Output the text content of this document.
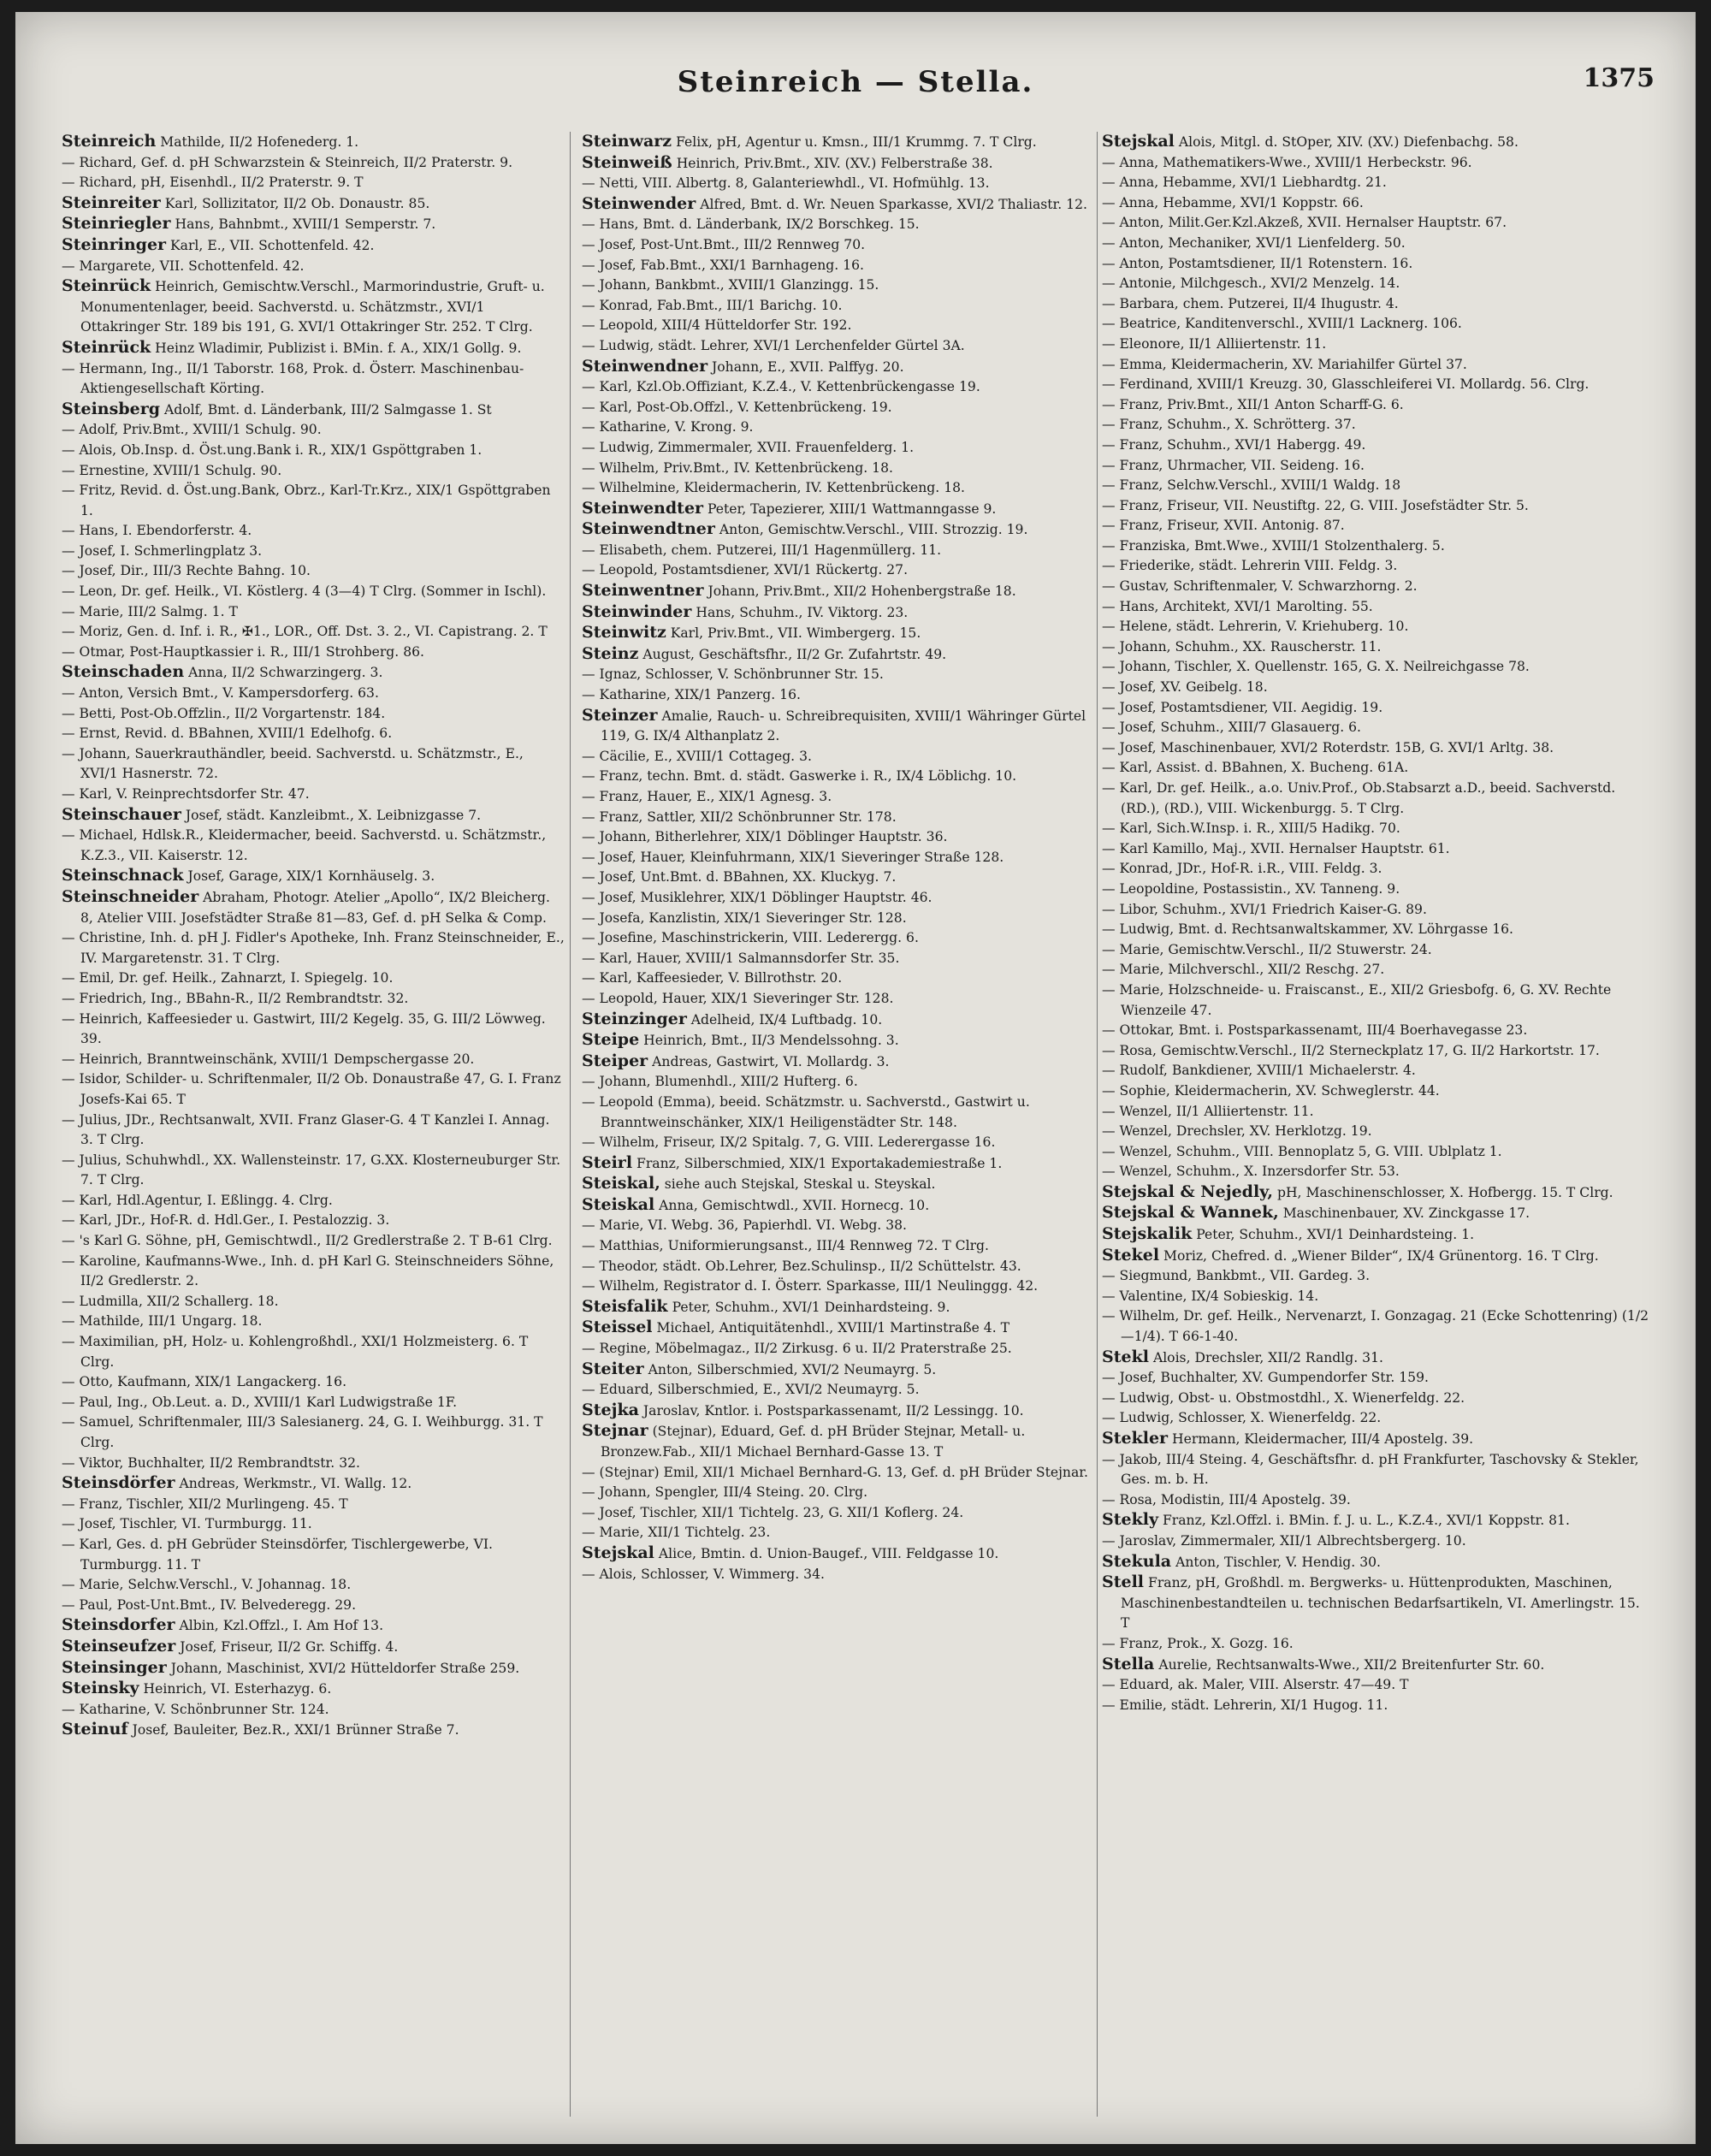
Steinreich — Stella.	1375

Steinreich Mathilde, II/2 Hofenederg. 1.

— Richard, Gef. d. pH Schwarzstein & Steinreich, II/2 Praterstr. 9.

— Richard, pH, Eisenhdl., II/2 Praterstr. 9. T

Steinreiter Karl, Sollizitator, II/2 Ob. Donaustr. 85.

Steinriegler Hans, Bahnbmt., XVIII/1 Semperstr. 7.

Steinringer Karl, E., VII. Schottenfeld. 42.

— Margarete, VII. Schottenfeld. 42.

Steinrück Heinrich, Gemischtw.Verschl., Marmorindustrie, Gruft- u. Monumentenlager, beeid. Sachverstd. u. Schätzmstr., XVI/1 Ottakringer Str. 189 bis 191, G. XVI/1 Ottakringer Str. 252. T Clrg.

Steinrück Heinz Wladimir, Publizist i. BMin. f. A., XIX/1 Gollg. 9.

— Hermann, Ing., II/1 Taborstr. 168, Prok. d. Österr. Maschinenbau-Aktiengesellschaft Körting.

Steinsberg Adolf, Bmt. d. Länderbank, III/2 Salmgasse 1. St

— Adolf, Priv.Bmt., XVIII/1 Schulg. 90.

— Alois, Ob.Insp. d. Öst.ung.Bank i. R., XIX/1 Gspöttgraben 1.

— Ernestine, XVIII/1 Schulg. 90.

— Fritz, Revid. d. Öst.ung.Bank, Obrz., Karl-Tr.Krz., XIX/1 Gspöttgraben 1.

— Hans, I. Ebendorferstr. 4.

— Josef, I. Schmerlingplatz 3.

— Josef, Dir., III/3 Rechte Bahng. 10.

— Leon, Dr. gef. Heilk., VI. Köstlerg. 4 (3—4) T Clrg. (Sommer in Ischl).

— Marie, III/2 Salmg. 1. T

— Moriz, Gen. d. Inf. i. R., ✠1., LOR., Off. Dst. 3. 2., VI. Capistrang. 2. T

— Otmar, Post-Hauptkassier i. R., III/1 Strohberg. 86.

Steinschaden Anna, II/2 Schwarzingerg. 3.

— Anton, Versich Bmt., V. Kampersdorferg. 63.

— Betti, Post-Ob.Offzlin., II/2 Vorgartenstr. 184.

— Ernst, Revid. d. BBahnen, XVIII/1 Edelhofg. 6.

— Johann, Sauerkrauthändler, beeid. Sachverstd. u. Schätzmstr., E., XVI/1 Hasnerstr. 72.

— Karl, V. Reinprechtsdorfer Str. 47.

Steinschauer Josef, städt. Kanzleibmt., X. Leibnizgasse 7.

— Michael, Hdlsk.R., Kleidermacher, beeid. Sachverstd. u. Schätzmstr., K.Z.3., VII. Kaiserstr. 12.

Steinschnack Josef, Garage, XIX/1 Kornhäuselg. 3.

Steinschneider Abraham, Photogr. Atelier „Apollo“, IX/2 Bleicherg. 8, Atelier VIII. Josefstädter Straße 81—83, Gef. d. pH Selka & Comp.

— Christine, Inh. d. pH J. Fidler's Apotheke, Inh. Franz Steinschneider, E., IV. Margaretenstr. 31. T Clrg.

— Emil, Dr. gef. Heilk., Zahnarzt, I. Spiegelg. 10.

— Friedrich, Ing., BBahn-R., II/2 Rembrandtstr. 32.

— Heinrich, Kaffeesieder u. Gastwirt, III/2 Kegelg. 35, G. III/2 Löwweg. 39.

— Heinrich, Branntweinschänk, XVIII/1 Dempschergasse 20.

— Isidor, Schilder- u. Schriftenmaler, II/2 Ob. Donaustraße 47, G. I. Franz Josefs-Kai 65. T

— Julius, JDr., Rechtsanwalt, XVII. Franz Glaser-G. 4 T Kanzlei I. Annag. 3. T Clrg.

— Julius, Schuhwhdl., XX. Wallensteinstr. 17, G.XX. Klosterneuburger Str. 7. T Clrg.

— Karl, Hdl.Agentur, I. Eßlingg. 4. Clrg.

— Karl, JDr., Hof-R. d. Hdl.Ger., I. Pestalozzig. 3.

— 's Karl G. Söhne, pH, Gemischtwdl., II/2 Gredlerstraße 2. T B-61 Clrg.

— Karoline, Kaufmanns-Wwe., Inh. d. pH Karl G. Steinschneiders Söhne, II/2 Gredlerstr. 2.

— Ludmilla, XII/2 Schallerg. 18.

— Mathilde, III/1 Ungarg. 18.

— Maximilian, pH, Holz- u. Kohlengroßhdl., XXI/1 Holzmeisterg. 6. T Clrg.

— Otto, Kaufmann, XIX/1 Langackerg. 16.

— Paul, Ing., Ob.Leut. a. D., XVIII/1 Karl Ludwigstraße 1F.

— Samuel, Schriftenmaler, III/3 Salesianerg. 24, G. I. Weihburgg. 31. T Clrg.

— Viktor, Buchhalter, II/2 Rembrandtstr. 32.

Steinsdörfer Andreas, Werkmstr., VI. Wallg. 12.

— Franz, Tischler, XII/2 Murlingeng. 45. T

— Josef, Tischler, VI. Turmburgg. 11.

— Karl, Ges. d. pH Gebrüder Steinsdörfer, Tischlergewerbe, VI. Turmburgg. 11. T

— Marie, Selchw.Verschl., V. Johannag. 18.

— Paul, Post-Unt.Bmt., IV. Belvederegg. 29.

Steinsdorfer Albin, Kzl.Offzl., I. Am Hof 13.

Steinseufzer Josef, Friseur, II/2 Gr. Schiffg. 4.

Steinsinger Johann, Maschinist, XVI/2 Hütteldorfer Straße 259.

Steinsky Heinrich, VI. Esterhazyg. 6.

— Katharine, V. Schönbrunner Str. 124.

Steinuf Josef, Bauleiter, Bez.R., XXI/1 Brünner Straße 7.

Steinwarz Felix, pH, Agentur u. Kmsn., III/1 Krummg. 7. T Clrg.

Steinweiß Heinrich, Priv.Bmt., XIV. (XV.) Felberstraße 38.

— Netti, VIII. Albertg. 8, Galanteriewhdl., VI. Hofmühlg. 13.

Steinwender Alfred, Bmt. d. Wr. Neuen Sparkasse, XVI/2 Thaliastr. 12.

— Hans, Bmt. d. Länderbank, IX/2 Borschkeg. 15.

— Josef, Post-Unt.Bmt., III/2 Rennweg 70.

— Josef, Fab.Bmt., XXI/1 Barnhageng. 16.

— Johann, Bankbmt., XVIII/1 Glanzingg. 15.

— Konrad, Fab.Bmt., III/1 Barichg. 10.

— Leopold, XIII/4 Hütteldorfer Str. 192.

— Ludwig, städt. Lehrer, XVI/1 Lerchenfelder Gürtel 3A.

Steinwendner Johann, E., XVII. Palffyg. 20.

— Karl, Kzl.Ob.Offiziant, K.Z.4., V. Kettenbrückengasse 19.

— Karl, Post-Ob.Offzl., V. Kettenbrückeng. 19.

— Katharine, V. Krong. 9.

— Ludwig, Zimmermaler, XVII. Frauenfelderg. 1.

— Wilhelm, Priv.Bmt., IV. Kettenbrückeng. 18.

— Wilhelmine, Kleidermacherin, IV. Kettenbrückeng. 18.

Steinwendter Peter, Tapezierer, XIII/1 Wattmanngasse 9.

Steinwendtner Anton, Gemischtw.Verschl., VIII. Strozzig. 19.

— Elisabeth, chem. Putzerei, III/1 Hagenmüllerg. 11.

— Leopold, Postamtsdiener, XVI/1 Rückertg. 27.

Steinwentner Johann, Priv.Bmt., XII/2 Hohenbergstraße 18.

Steinwinder Hans, Schuhm., IV. Viktorg. 23.

Steinwitz Karl, Priv.Bmt., VII. Wimbergerg. 15.

Steinz August, Geschäftsfhr., II/2 Gr. Zufahrtstr. 49.

— Ignaz, Schlosser, V. Schönbrunner Str. 15.

— Katharine, XIX/1 Panzerg. 16.

Steinzer Amalie, Rauch- u. Schreibrequisiten, XVIII/1 Währinger Gürtel 119, G. IX/4 Althanplatz 2.

— Cäcilie, E., XVIII/1 Cottageg. 3.

— Franz, techn. Bmt. d. städt. Gaswerke i. R., IX/4 Löblichg. 10.

— Franz, Hauer, E., XIX/1 Agnesg. 3.

— Franz, Sattler, XII/2 Schönbrunner Str. 178.

— Johann, Bitherlehrer, XIX/1 Döblinger Hauptstr. 36.

— Josef, Hauer, Kleinfuhrmann, XIX/1 Sieveringer Straße 128.

— Josef, Unt.Bmt. d. BBahnen, XX. Kluckyg. 7.

— Josef, Musiklehrer, XIX/1 Döblinger Hauptstr. 46.

— Josefa, Kanzlistin, XIX/1 Sieveringer Str. 128.

— Josefine, Maschinstrickerin, VIII. Lederergg. 6.

— Karl, Hauer, XVIII/1 Salmannsdorfer Str. 35.

— Karl, Kaffeesieder, V. Billrothstr. 20.

— Leopold, Hauer, XIX/1 Sieveringer Str. 128.

Steinzinger Adelheid, IX/4 Luftbadg. 10.

Steipe Heinrich, Bmt., II/3 Mendelssohng. 3.

Steiper Andreas, Gastwirt, VI. Mollardg. 3.

— Johann, Blumenhdl., XIII/2 Hufterg. 6.

— Leopold (Emma), beeid. Schätzmstr. u. Sachverstd., Gastwirt u. Branntweinschänker, XIX/1 Heiligenstädter Str. 148.

— Wilhelm, Friseur, IX/2 Spitalg. 7, G. VIII. Lederergasse 16.

Steirl Franz, Silberschmied, XIX/1 Exportakademiestraße 1.

Steiskal, siehe auch Stejskal, Steskal u. Steyskal.

Steiskal Anna, Gemischtwdl., XVII. Hornecg. 10.

— Marie, VI. Webg. 36, Papierhdl. VI. Webg. 38.

— Matthias, Uniformierungsanst., III/4 Rennweg 72. T Clrg.

— Theodor, städt. Ob.Lehrer, Bez.Schulinsp., II/2 Schüttelstr. 43.

— Wilhelm, Registrator d. I. Österr. Sparkasse, III/1 Neulinggg. 42.

Steisfalik Peter, Schuhm., XVI/1 Deinhardsteing. 9.

Steissel Michael, Antiquitätenhdl., XVIII/1 Martinstraße 4. T

— Regine, Möbelmagaz., II/2 Zirkusg. 6 u. II/2 Praterstraße 25.

Steiter Anton, Silberschmied, XVI/2 Neumayrg. 5.

— Eduard, Silberschmied, E., XVI/2 Neumayrg. 5.

Stejka Jaroslav, Kntlor. i. Postsparkassenamt, II/2 Lessingg. 10.

Stejnar (Stejnar), Eduard, Gef. d. pH Brüder Stejnar, Metall- u. Bronzew.Fab., XII/1 Michael Bernhard-Gasse 13. T

— (Stejnar) Emil, XII/1 Michael Bernhard-G. 13, Gef. d. pH Brüder Stejnar.

— Johann, Spengler, III/4 Steing. 20. Clrg.

— Josef, Tischler, XII/1 Tichtelg. 23, G. XII/1 Koflerg. 24.

— Marie, XII/1 Tichtelg. 23.

Stejskal Alice, Bmtin. d. Union-Baugef., VIII. Feldgasse 10.

— Alois, Schlosser, V. Wimmerg. 34.

Stejskal Alois, Mitgl. d. StOper, XIV. (XV.) Diefenbachg. 58.

— Anna, Mathematikers-Wwe., XVIII/1 Herbeckstr. 96.

— Anna, Hebamme, XVI/1 Liebhardtg. 21.

— Anna, Hebamme, XVI/1 Koppstr. 66.

— Anton, Milit.Ger.Kzl.Akzeß, XVII. Hernalser Hauptstr. 67.

— Anton, Mechaniker, XVI/1 Lienfelderg. 50.

— Anton, Postamtsdiener, II/1 Rotenstern. 16.

— Antonie, Milchgesch., XVI/2 Menzelg. 14.

— Barbara, chem. Putzerei, II/4 Ihugustr. 4.

— Beatrice, Kanditenverschl., XVIII/1 Lacknerg. 106.

— Eleonore, II/1 Alliiertenstr. 11.

— Emma, Kleidermacherin, XV. Mariahilfer Gürtel 37.

— Ferdinand, XVIII/1 Kreuzg. 30, Glasschleiferei VI. Mollardg. 56. Clrg.

— Franz, Priv.Bmt., XII/1 Anton Scharff-G. 6.

— Franz, Schuhm., X. Schrötterg. 37.

— Franz, Schuhm., XVI/1 Habergg. 49.

— Franz, Uhrmacher, VII. Seideng. 16.

— Franz, Selchw.Verschl., XVIII/1 Waldg. 18

— Franz, Friseur, VII. Neustiftg. 22, G. VIII. Josefstädter Str. 5.

— Franz, Friseur, XVII. Antonig. 87.

— Franziska, Bmt.Wwe., XVIII/1 Stolzenthalerg. 5.

— Friederike, städt. Lehrerin VIII. Feldg. 3.

— Gustav, Schriftenmaler, V. Schwarzhorng. 2.

— Hans, Architekt, XVI/1 Marolting. 55.

— Helene, städt. Lehrerin, V. Kriehuberg. 10.

— Johann, Schuhm., XX. Rauscherstr. 11.

— Johann, Tischler, X. Quellenstr. 165, G. X. Neilreichgasse 78.

— Josef, XV. Geibelg. 18.

— Josef, Postamtsdiener, VII. Aegidig. 19.

— Josef, Schuhm., XIII/7 Glasauerg. 6.

— Josef, Maschinenbauer, XVI/2 Roterdstr. 15B, G. XVI/1 Arltg. 38.

— Karl, Assist. d. BBahnen, X. Bucheng. 61A.

— Karl, Dr. gef. Heilk., a.o. Univ.Prof., Ob.Stabsarzt a.D., beeid. Sachverstd. (RD.), (RD.), VIII. Wickenburgg. 5. T Clrg.

— Karl, Sich.W.Insp. i. R., XIII/5 Hadikg. 70.

— Karl Kamillo, Maj., XVII. Hernalser Hauptstr. 61.

— Konrad, JDr., Hof-R. i.R., VIII. Feldg. 3.

— Leopoldine, Postassistin., XV. Tanneng. 9.

— Libor, Schuhm., XVI/1 Friedrich Kaiser-G. 89.

— Ludwig, Bmt. d. Rechtsanwaltskammer, XV. Löhrgasse 16.

— Marie, Gemischtw.Verschl., II/2 Stuwerstr. 24.

— Marie, Milchverschl., XII/2 Reschg. 27.

— Marie, Holzschneide- u. Fraiscanst., E., XII/2 Griesbofg. 6, G. XV. Rechte Wienzeile 47.

— Ottokar, Bmt. i. Postsparkassenamt, III/4 Boerhavegasse 23.

— Rosa, Gemischtw.Verschl., II/2 Sterneckplatz 17, G. II/2 Harkortstr. 17.

— Rudolf, Bankdiener, XVIII/1 Michaelerstr. 4.

— Sophie, Kleidermacherin, XV. Schweglerstr. 44.

— Wenzel, II/1 Alliiertenstr. 11.

— Wenzel, Drechsler, XV. Herklotzg. 19.

— Wenzel, Schuhm., VIII. Bennoplatz 5, G. VIII. Ublplatz 1.

— Wenzel, Schuhm., X. Inzersdorfer Str. 53.

Stejskal & Nejedly, pH, Maschinenschlosser, X. Hofbergg. 15. T Clrg.

Stejskal & Wannek, Maschinenbauer, XV. Zinckgasse 17.

Stejskalik Peter, Schuhm., XVI/1 Deinhardsteing. 1.

Stekel Moriz, Chefred. d. „Wiener Bilder“, IX/4 Grünentorg. 16. T Clrg.

— Siegmund, Bankbmt., VII. Gardeg. 3.

— Valentine, IX/4 Sobieskig. 14.

— Wilhelm, Dr. gef. Heilk., Nervenarzt, I. Gonzagag. 21 (Ecke Schottenring) (1/2—1/4). T 66-1-40.

Stekl Alois, Drechsler, XII/2 Randlg. 31.

— Josef, Buchhalter, XV. Gumpendorfer Str. 159.

— Ludwig, Obst- u. Obstmostdhl., X. Wienerfeldg. 22.

— Ludwig, Schlosser, X. Wienerfeldg. 22.

Stekler Hermann, Kleidermacher, III/4 Apostelg. 39.

— Jakob, III/4 Steing. 4, Geschäftsfhr. d. pH Frankfurter, Taschovsky & Stekler, Ges. m. b. H.

— Rosa, Modistin, III/4 Apostelg. 39.

Stekly Franz, Kzl.Offzl. i. BMin. f. J. u. L., K.Z.4., XVI/1 Koppstr. 81.

— Jaroslav, Zimmermaler, XII/1 Albrechtsbergerg. 10.

Stekula Anton, Tischler, V. Hendig. 30.

Stell Franz, pH, Großhdl. m. Bergwerks- u. Hüttenprodukten, Maschinen, Maschinenbestandteilen u. technischen Bedarfsartikeln, VI. Amerlingstr. 15. T

— Franz, Prok., X. Gozg. 16.

Stella Aurelie, Rechtsanwalts-Wwe., XII/2 Breitenfurter Str. 60.

— Eduard, ak. Maler, VIII. Alserstr. 47—49. T

— Emilie, städt. Lehrerin, XI/1 Hugog. 11.
